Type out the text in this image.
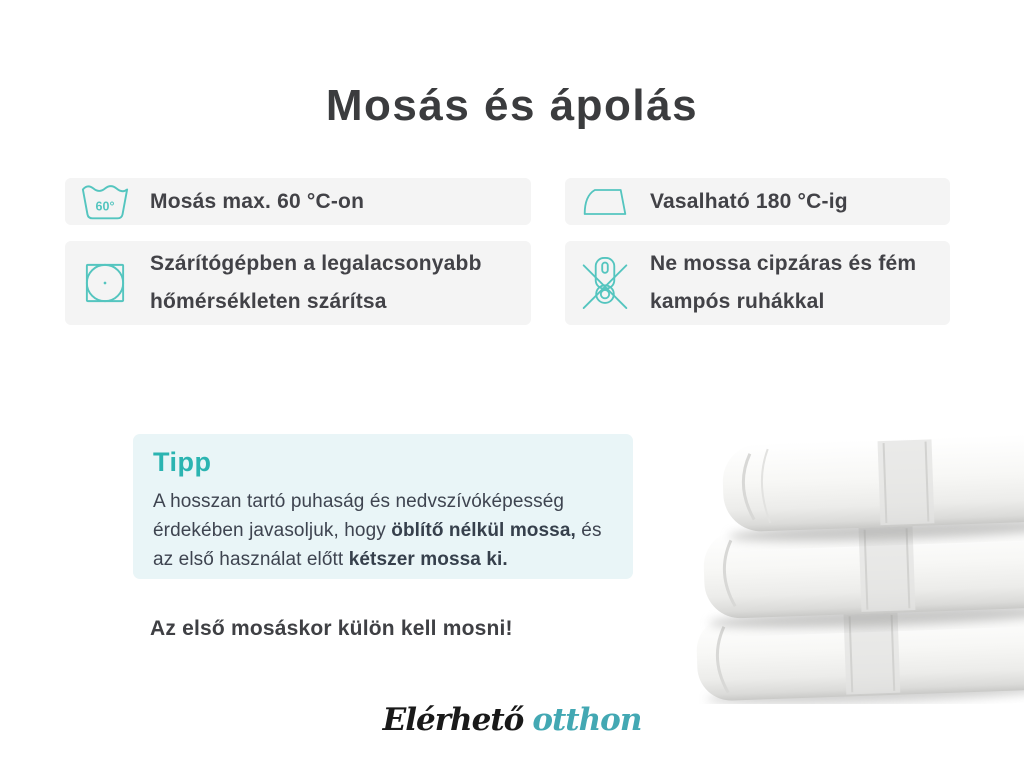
Mosás és ápolás
60° Mosás max. 60 °C-on	Vasalható 180 °C-ig
Szárítógépben a legalacsonyabb hőmérsékleten szárítsa
Ne mossa cipzáras és fém kampós ruhákkal
Tipp

A hosszan tartó puhaság és nedvszívóképesség érdekében javasoljuk, hogy öblítő nélkül mossa, és az első használat előtt kétszer mossa ki.

Az első mosáskor külön kell mosni!
Elérhető otthon
